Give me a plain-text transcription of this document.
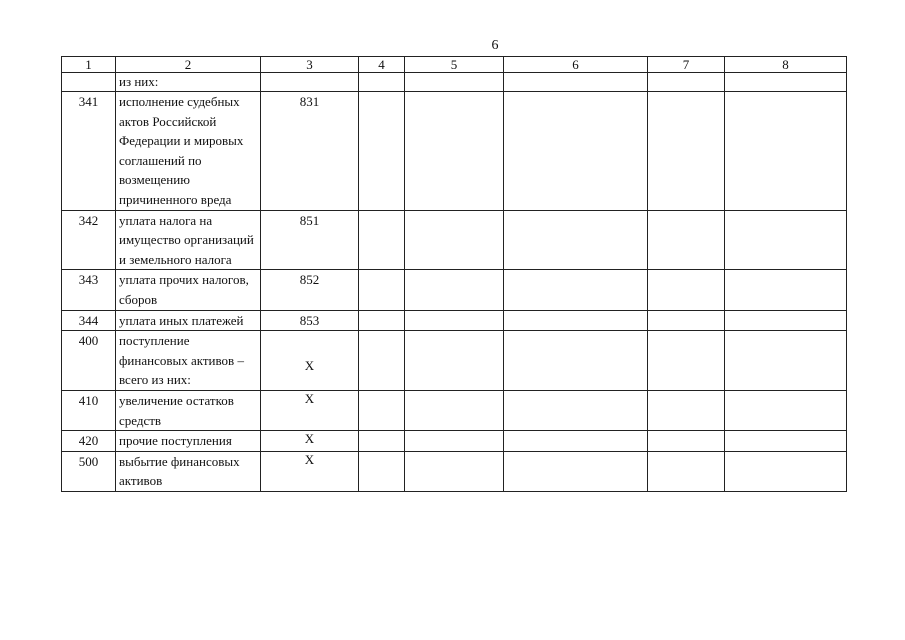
6
1	2	3	4	5	6	7	8
	из них:						
341	исполнение судебных актов Российской Федерации и мировых соглашений по возмещению причиненного вреда	831					
342	уплата налога на имущество организаций и земельного налога	851					
343	уплата прочих налогов, сборов	852					
344	уплата иных платежей	853					
400	поступление финансовых активов – всего из них:	Х					
410	увеличение остатков средств	Х					
420	прочие поступления	Х					
500	выбытие финансовых активов	Х					
